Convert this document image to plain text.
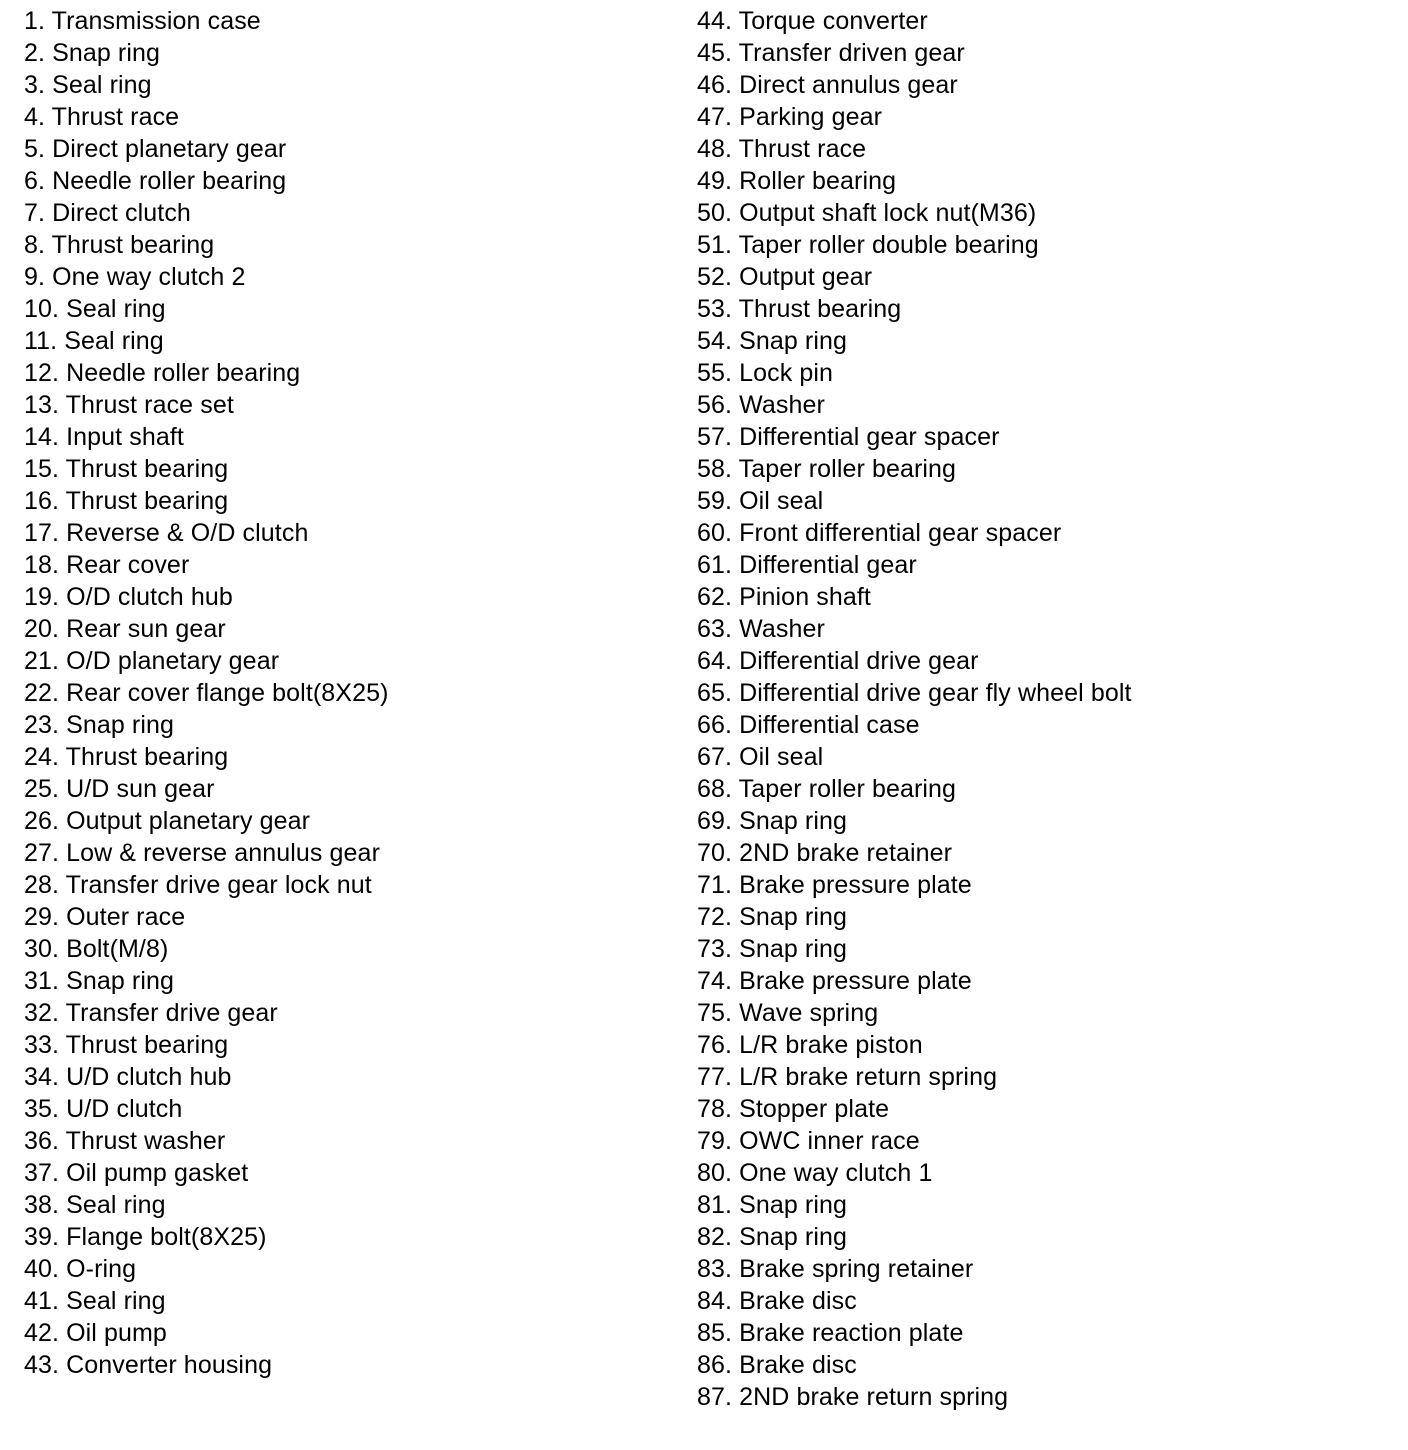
1. Transmission case
2. Snap ring
3. Seal ring
4. Thrust race
5. Direct planetary gear
6. Needle roller bearing
7. Direct clutch
8. Thrust bearing
9. One way clutch 2
10. Seal ring
11. Seal ring
12. Needle roller bearing
13. Thrust race set
14. Input shaft
15. Thrust bearing
16. Thrust bearing
17. Reverse & O/D clutch
18. Rear cover
19. O/D clutch hub
20. Rear sun gear
21. O/D planetary gear
22. Rear cover flange bolt(8X25)
23. Snap ring
24. Thrust bearing
25. U/D sun gear
26. Output planetary gear
27. Low & reverse annulus gear
28. Transfer drive gear lock nut
29. Outer race
30. Bolt(M/8)
31. Snap ring
32. Transfer drive gear
33. Thrust bearing
34. U/D clutch hub
35. U/D clutch
36. Thrust washer
37. Oil pump gasket
38. Seal ring
39. Flange bolt(8X25)
40. O-ring
41. Seal ring
42. Oil pump
43. Converter housing
44. Torque converter
45. Transfer driven gear
46. Direct annulus gear
47. Parking gear
48. Thrust race
49. Roller bearing
50. Output shaft lock nut(M36)
51. Taper roller double bearing
52. Output gear
53. Thrust bearing
54. Snap ring
55. Lock pin
56. Washer
57. Differential gear spacer
58. Taper roller bearing
59. Oil seal
60. Front differential gear spacer
61. Differential gear
62. Pinion shaft
63. Washer
64. Differential drive gear
65. Differential drive gear fly wheel bolt
66. Differential case
67. Oil seal
68. Taper roller bearing
69. Snap ring
70. 2ND brake retainer
71. Brake pressure plate
72. Snap ring
73. Snap ring
74. Brake pressure plate
75. Wave spring
76. L/R brake piston
77. L/R brake return spring
78. Stopper plate
79. OWC inner race
80. One way clutch 1
81. Snap ring
82. Snap ring
83. Brake spring retainer
84. Brake disc
85. Brake reaction plate
86. Brake disc
87. 2ND brake return spring
